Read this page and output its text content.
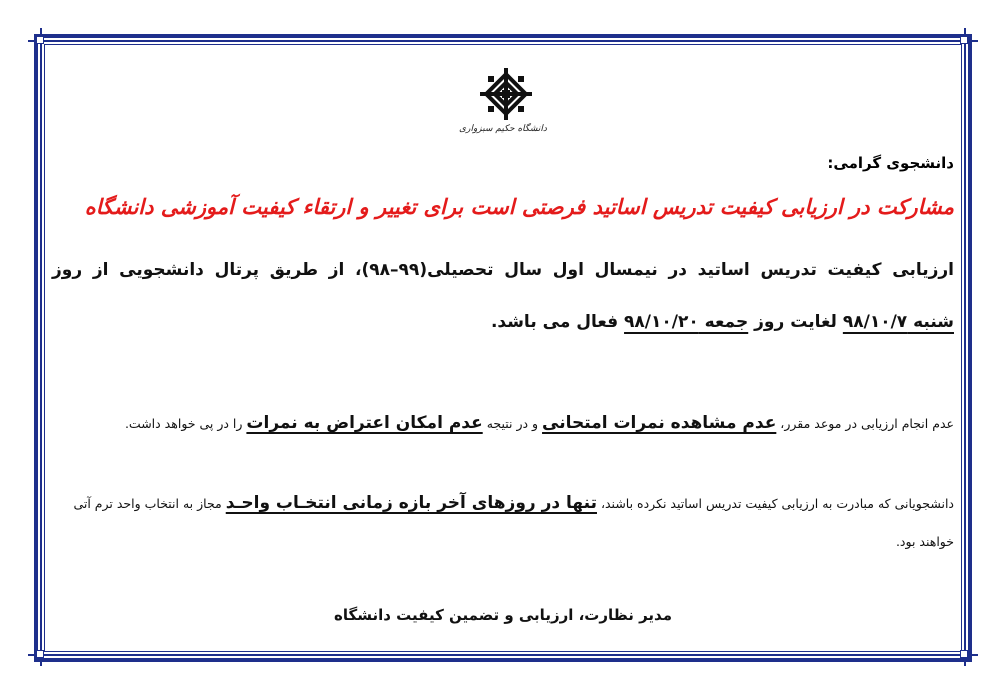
دانشگاه حکیم سبزواری
دانشجوی گرامی:
مشارکت در ارزیابی کیفیت تدریس اساتید فرصتی است برای تغییر و ارتقاء کیفیت آموزشی دانشگاه
ارزیابی کیفیت تدریس اساتید در نیمسال اول سال تحصیلی(۹۹–۹۸)، از طریق پرتال دانشجویی از روز
شنبه ۹۸/۱۰/۷ لغایت روز جمعه ۹۸/۱۰/۲۰ فعال می باشد.
عدم انجام ارزیابی در موعد مقرر، عدم مشاهده نمرات امتحانی و در نتیجه عدم امکان اعتراض به نمرات را در پی خواهد داشت.
دانشجویانی که مبادرت به ارزیابی کیفیت تدریس اساتید نکرده باشند، تنها در روزهای آخر بازه زمانی انتخـاب واحـد مجاز به انتخاب واحد ترم آتی خواهند بود.
مدیر نظارت، ارزیابی و تضمین کیفیت دانشگاه
